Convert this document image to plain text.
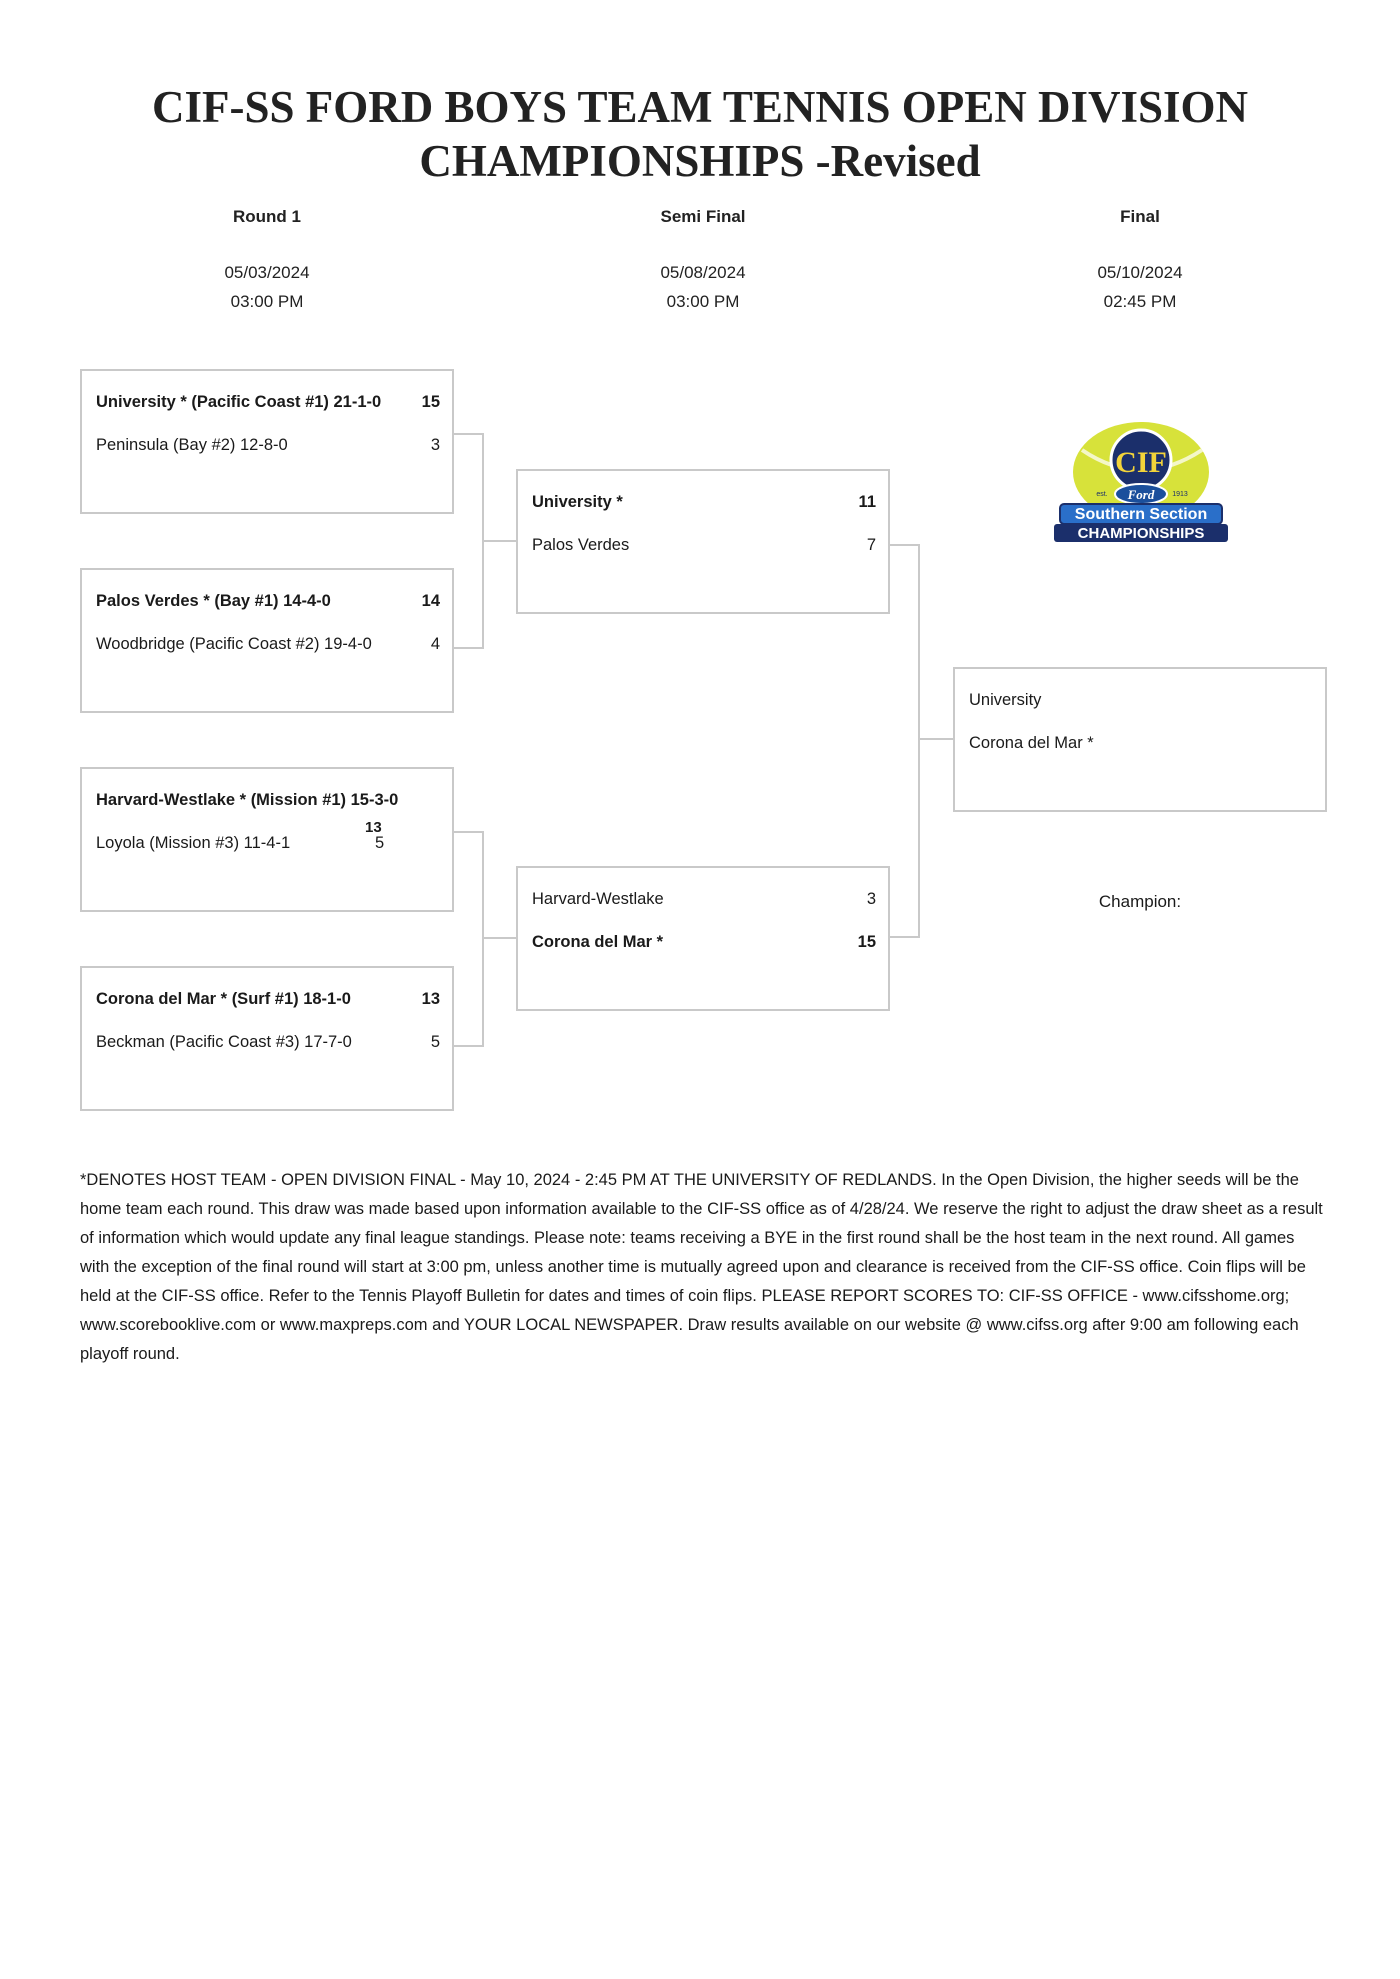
CIF-SS FORD BOYS TEAM TENNIS OPEN DIVISION
CHAMPIONSHIPS -Revised
Round 1
05/03/2024
03:00 PM
Semi Final
05/08/2024
03:00 PM
Final
05/10/2024
02:45 PM
University * (Pacific Coast #1) 21-1-0	15
Peninsula (Bay #2) 12-8-0	3
Palos Verdes * (Bay #1) 14-4-0	14
Woodbridge (Pacific Coast #2) 19-4-0	4
Harvard-Westlake * (Mission #1) 15-3-0
13
Loyola (Mission #3) 11-4-1	5
Corona del Mar * (Surf #1) 18-1-0	13
Beckman (Pacific Coast #3) 17-7-0	5
University *	11
Palos Verdes	7
Harvard-Westlake	3
Corona del Mar *	15
University
Corona del Mar *
Champion:
CIF
Ford
est.	1913
Southern Section
CHAMPIONSHIPS
*DENOTES HOST TEAM - OPEN DIVISION FINAL - May 10, 2024 - 2:45 PM AT THE UNIVERSITY OF REDLANDS. In the Open Division, the higher seeds will be the home team each round. This draw was made based upon information available to the CIF-SS office as of 4/28/24. We reserve the right to adjust the draw sheet as a result of information which would update any final league standings. Please note: teams receiving a BYE in the first round shall be the host team in the next round. All games with the exception of the final round will start at 3:00 pm, unless another time is mutually agreed upon and clearance is received from the CIF-SS office. Coin flips will be held at the CIF-SS office. Refer to the Tennis Playoff Bulletin for dates and times of coin flips. PLEASE REPORT SCORES TO: CIF-SS OFFICE - www.cifsshome.org; www.scorebooklive.com or www.maxpreps.com and YOUR LOCAL NEWSPAPER. Draw results available on our website @ www.cifss.org after 9:00 am following each playoff round.
